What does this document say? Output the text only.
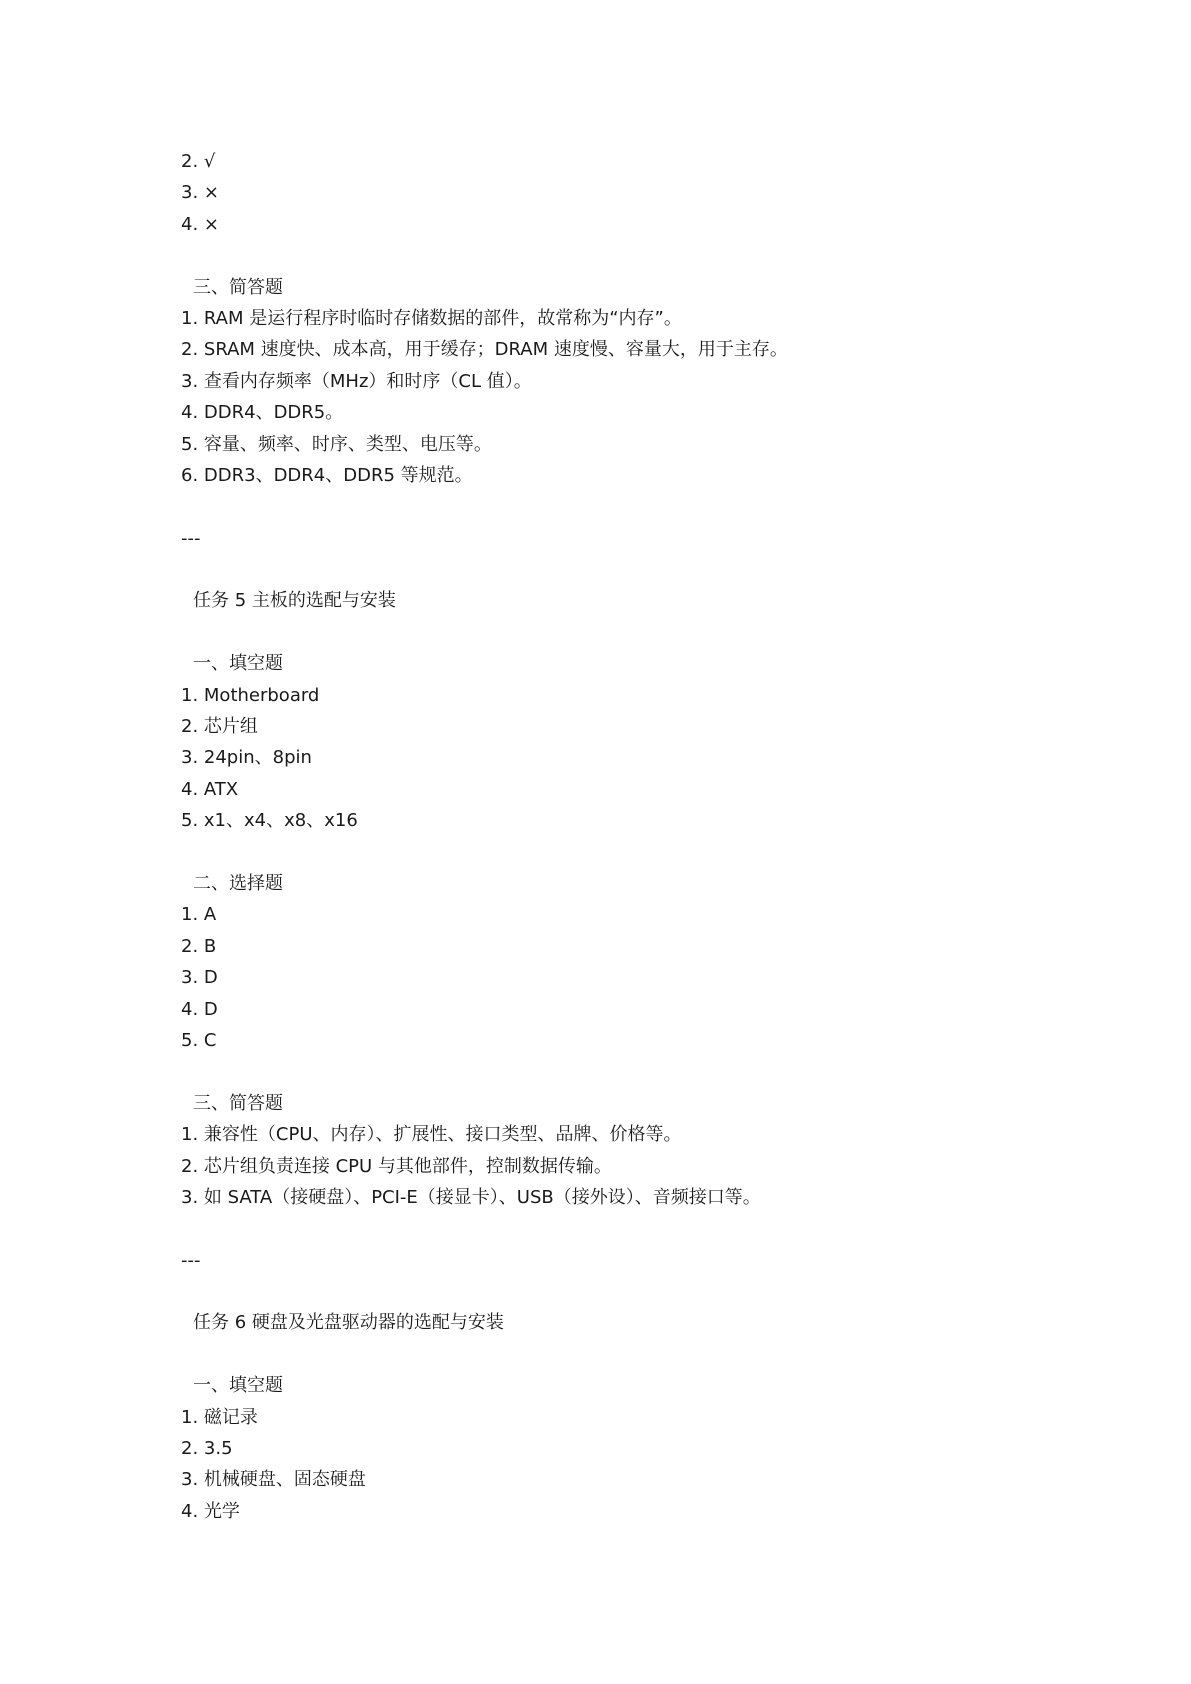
2. √
3. ×
4. ×
三、简答题
1. RAM 是运行程序时临时存储数据的部件，故常称为“内存”。
2. SRAM 速度快、成本高，用于缓存；DRAM 速度慢、容量大，用于主存。
3. 查看内存频率（MHz）和时序（CL 值）。
4. DDR4、DDR5。
5. 容量、频率、时序、类型、电压等。
6. DDR3、DDR4、DDR5 等规范。
---
任务 5 主板的选配与安装
一、填空题
1. Motherboard
2. 芯片组
3. 24pin、8pin
4. ATX
5. x1、x4、x8、x16
二、选择题
1. A
2. B
3. D
4. D
5. C
三、简答题
1. 兼容性（CPU、内存）、扩展性、接口类型、品牌、价格等。
2. 芯片组负责连接 CPU 与其他部件，控制数据传输。
3. 如 SATA（接硬盘）、PCI-E（接显卡）、USB（接外设）、音频接口等。
---
任务 6 硬盘及光盘驱动器的选配与安装
一、填空题
1. 磁记录
2. 3.5
3. 机械硬盘、固态硬盘
4. 光学
